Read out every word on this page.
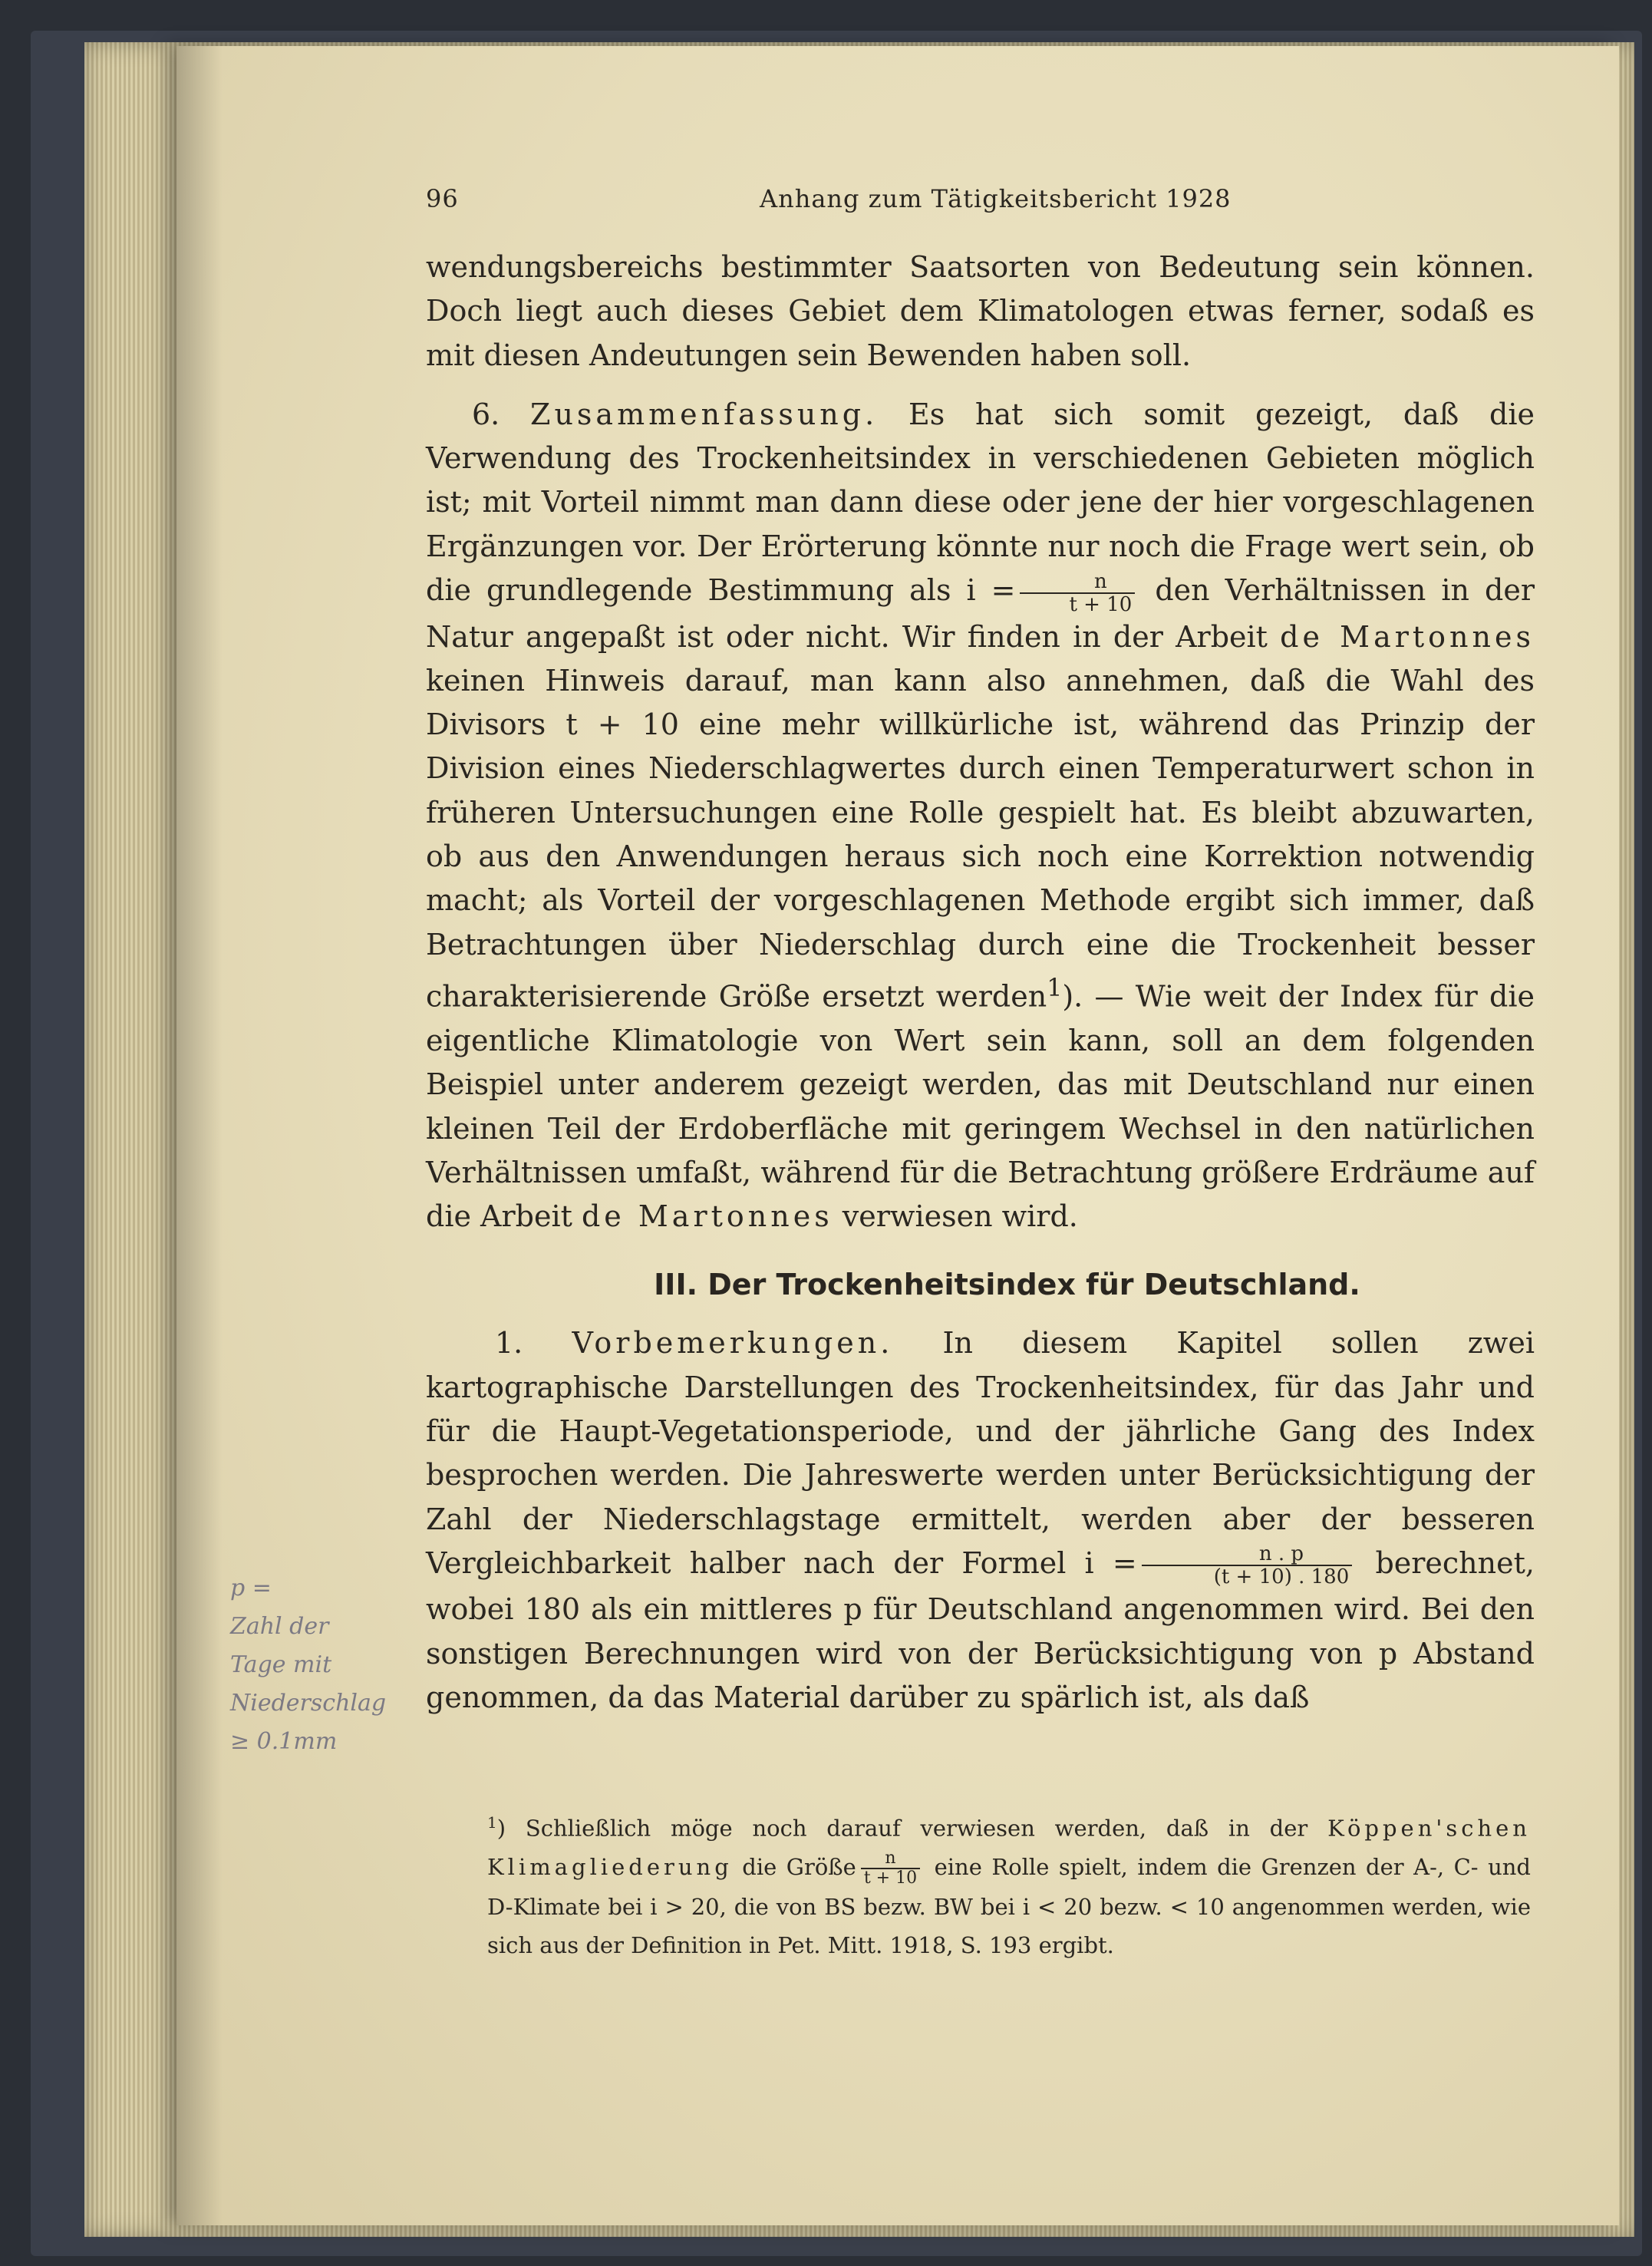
96	Anhang zum Tätigkeitsbericht 1928

wendungsbereichs bestimmter Saatsorten von Bedeutung sein können. Doch liegt auch dieses Gebiet dem Klimatologen etwas ferner, sodaß es mit diesen Andeutungen sein Bewenden haben soll.

6. Zusammenfassung. Es hat sich somit gezeigt, daß die Verwendung des Trockenheitsindex in verschiedenen Gebieten möglich ist; mit Vorteil nimmt man dann diese oder jene der hier vorgeschlagenen Ergänzungen vor. Der Erörterung könnte nur noch die Frage wert sein, ob die grundlegende Bestimmung als $i = \frac{n}{t + 10}$ den Verhältnissen in der Natur angepaßt ist oder nicht. Wir finden in der Arbeit de Martonnes keinen Hinweis darauf, man kann also annehmen, daß die Wahl des Divisors t + 10 eine mehr willkürliche ist, während das Prinzip der Division eines Niederschlagwertes durch einen Temperaturwert schon in früheren Untersuchungen eine Rolle gespielt hat. Es bleibt abzuwarten, ob aus den Anwendungen heraus sich noch eine Korrektion notwendig macht; als Vorteil der vorgeschlagenen Methode ergibt sich immer, daß Betrachtungen über Niederschlag durch eine die Trockenheit besser charakterisierende Größe ersetzt werden$^1$). — Wie weit der Index für die eigentliche Klimatologie von Wert sein kann, soll an dem folgenden Beispiel unter anderem gezeigt werden, das mit Deutschland nur einen kleinen Teil der Erdoberfläche mit geringem Wechsel in den natürlichen Verhältnissen umfaßt, während für die Betrachtung größere Erdräume auf die Arbeit de Martonnes verwiesen wird.

III. Der Trockenheitsindex für Deutschland.

1. Vorbemerkungen. In diesem Kapitel sollen zwei kartographische Darstellungen des Trockenheitsindex, für das Jahr und für die Haupt-Vegetationsperiode, und der jährliche Gang des Index besprochen werden. Die Jahreswerte werden unter Berücksichtigung der Zahl der Niederschlagstage ermittelt, werden aber der besseren Vergleichbarkeit halber nach der Formel $i = \frac{n . p}{(t + 10) . 180}$ berechnet, wobei 180 als ein mittleres p für Deutschland angenommen wird. Bei den sonstigen Berechnungen wird von der Berücksichtigung von p Abstand genommen, da das Material darüber zu spärlich ist, als daß

$^1$) Schließlich möge noch darauf verwiesen werden, daß in der Köppen'schen Klimagliederung die Größe $\frac{n}{t + 10}$ eine Rolle spielt, indem die Grenzen der A-, C- und D-Klimate bei i > 20, die von BS bezw. BW bei i < 20 bezw. < 10 angenommen werden, wie sich aus der Definition in Pet. Mitt. 1918, S. 193 ergibt.
p =
Zahl der
Tage mit
Niederschlag
≥ 0.1mm
